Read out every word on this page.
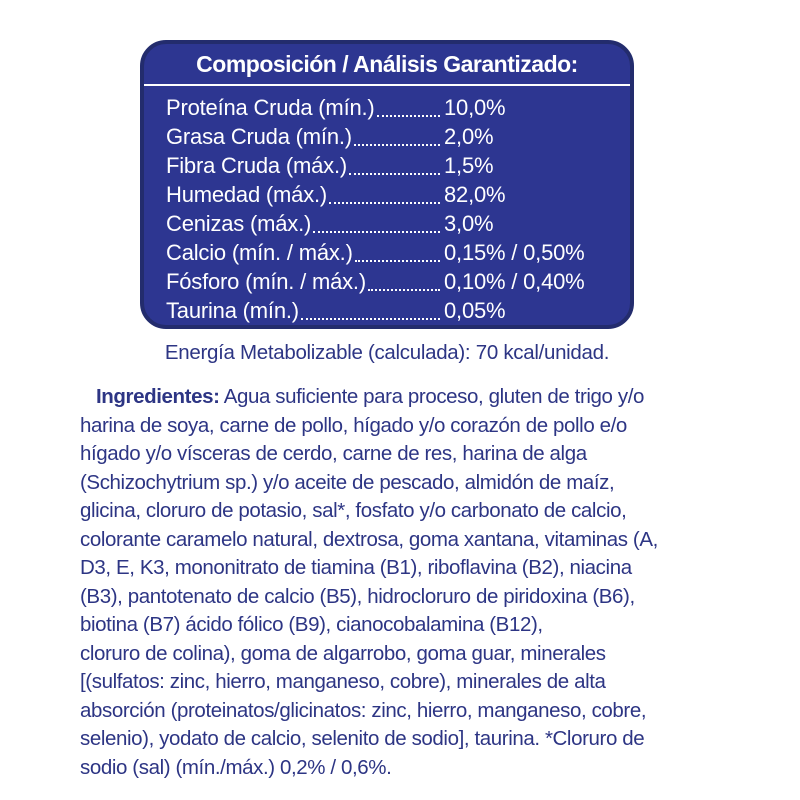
Composición / Análisis Garantizado:
Proteína Cruda (mín.)	10,0%
Grasa Cruda (mín.)	2,0%
Fibra Cruda (máx.)	1,5%
Humedad (máx.)	82,0%
Cenizas (máx.)	3,0%
Calcio (mín. / máx.)	0,15% / 0,50%
Fósforo (mín. / máx.)	0,10% / 0,40%
Taurina (mín.)	0,05%
Energía Metabolizable (calculada): 70 kcal/unidad.
Ingredientes: Agua suficiente para proceso, gluten de trigo y/o
harina de soya, carne de pollo, hígado y/o corazón de pollo e/o
hígado y/o vísceras de cerdo, carne de res, harina de alga
(Schizochytrium sp.) y/o aceite de pescado, almidón de maíz,
glicina, cloruro de potasio, sal*, fosfato y/o carbonato de calcio,
colorante caramelo natural, dextrosa, goma xantana, vitaminas (A,
D3, E, K3, mononitrato de tiamina (B1), riboflavina (B2), niacina
(B3), pantotenato de calcio (B5), hidrocloruro de piridoxina (B6),
biotina (B7) ácido fólico (B9), cianocobalamina (B12),
cloruro de colina), goma de algarrobo, goma guar, minerales
[(sulfatos: zinc, hierro, manganeso, cobre), minerales de alta
absorción (proteinatos/glicinatos: zinc, hierro, manganeso, cobre,
selenio), yodato de calcio, selenito de sodio], taurina. *Cloruro de
sodio (sal) (mín./máx.) 0,2% / 0,6%.
